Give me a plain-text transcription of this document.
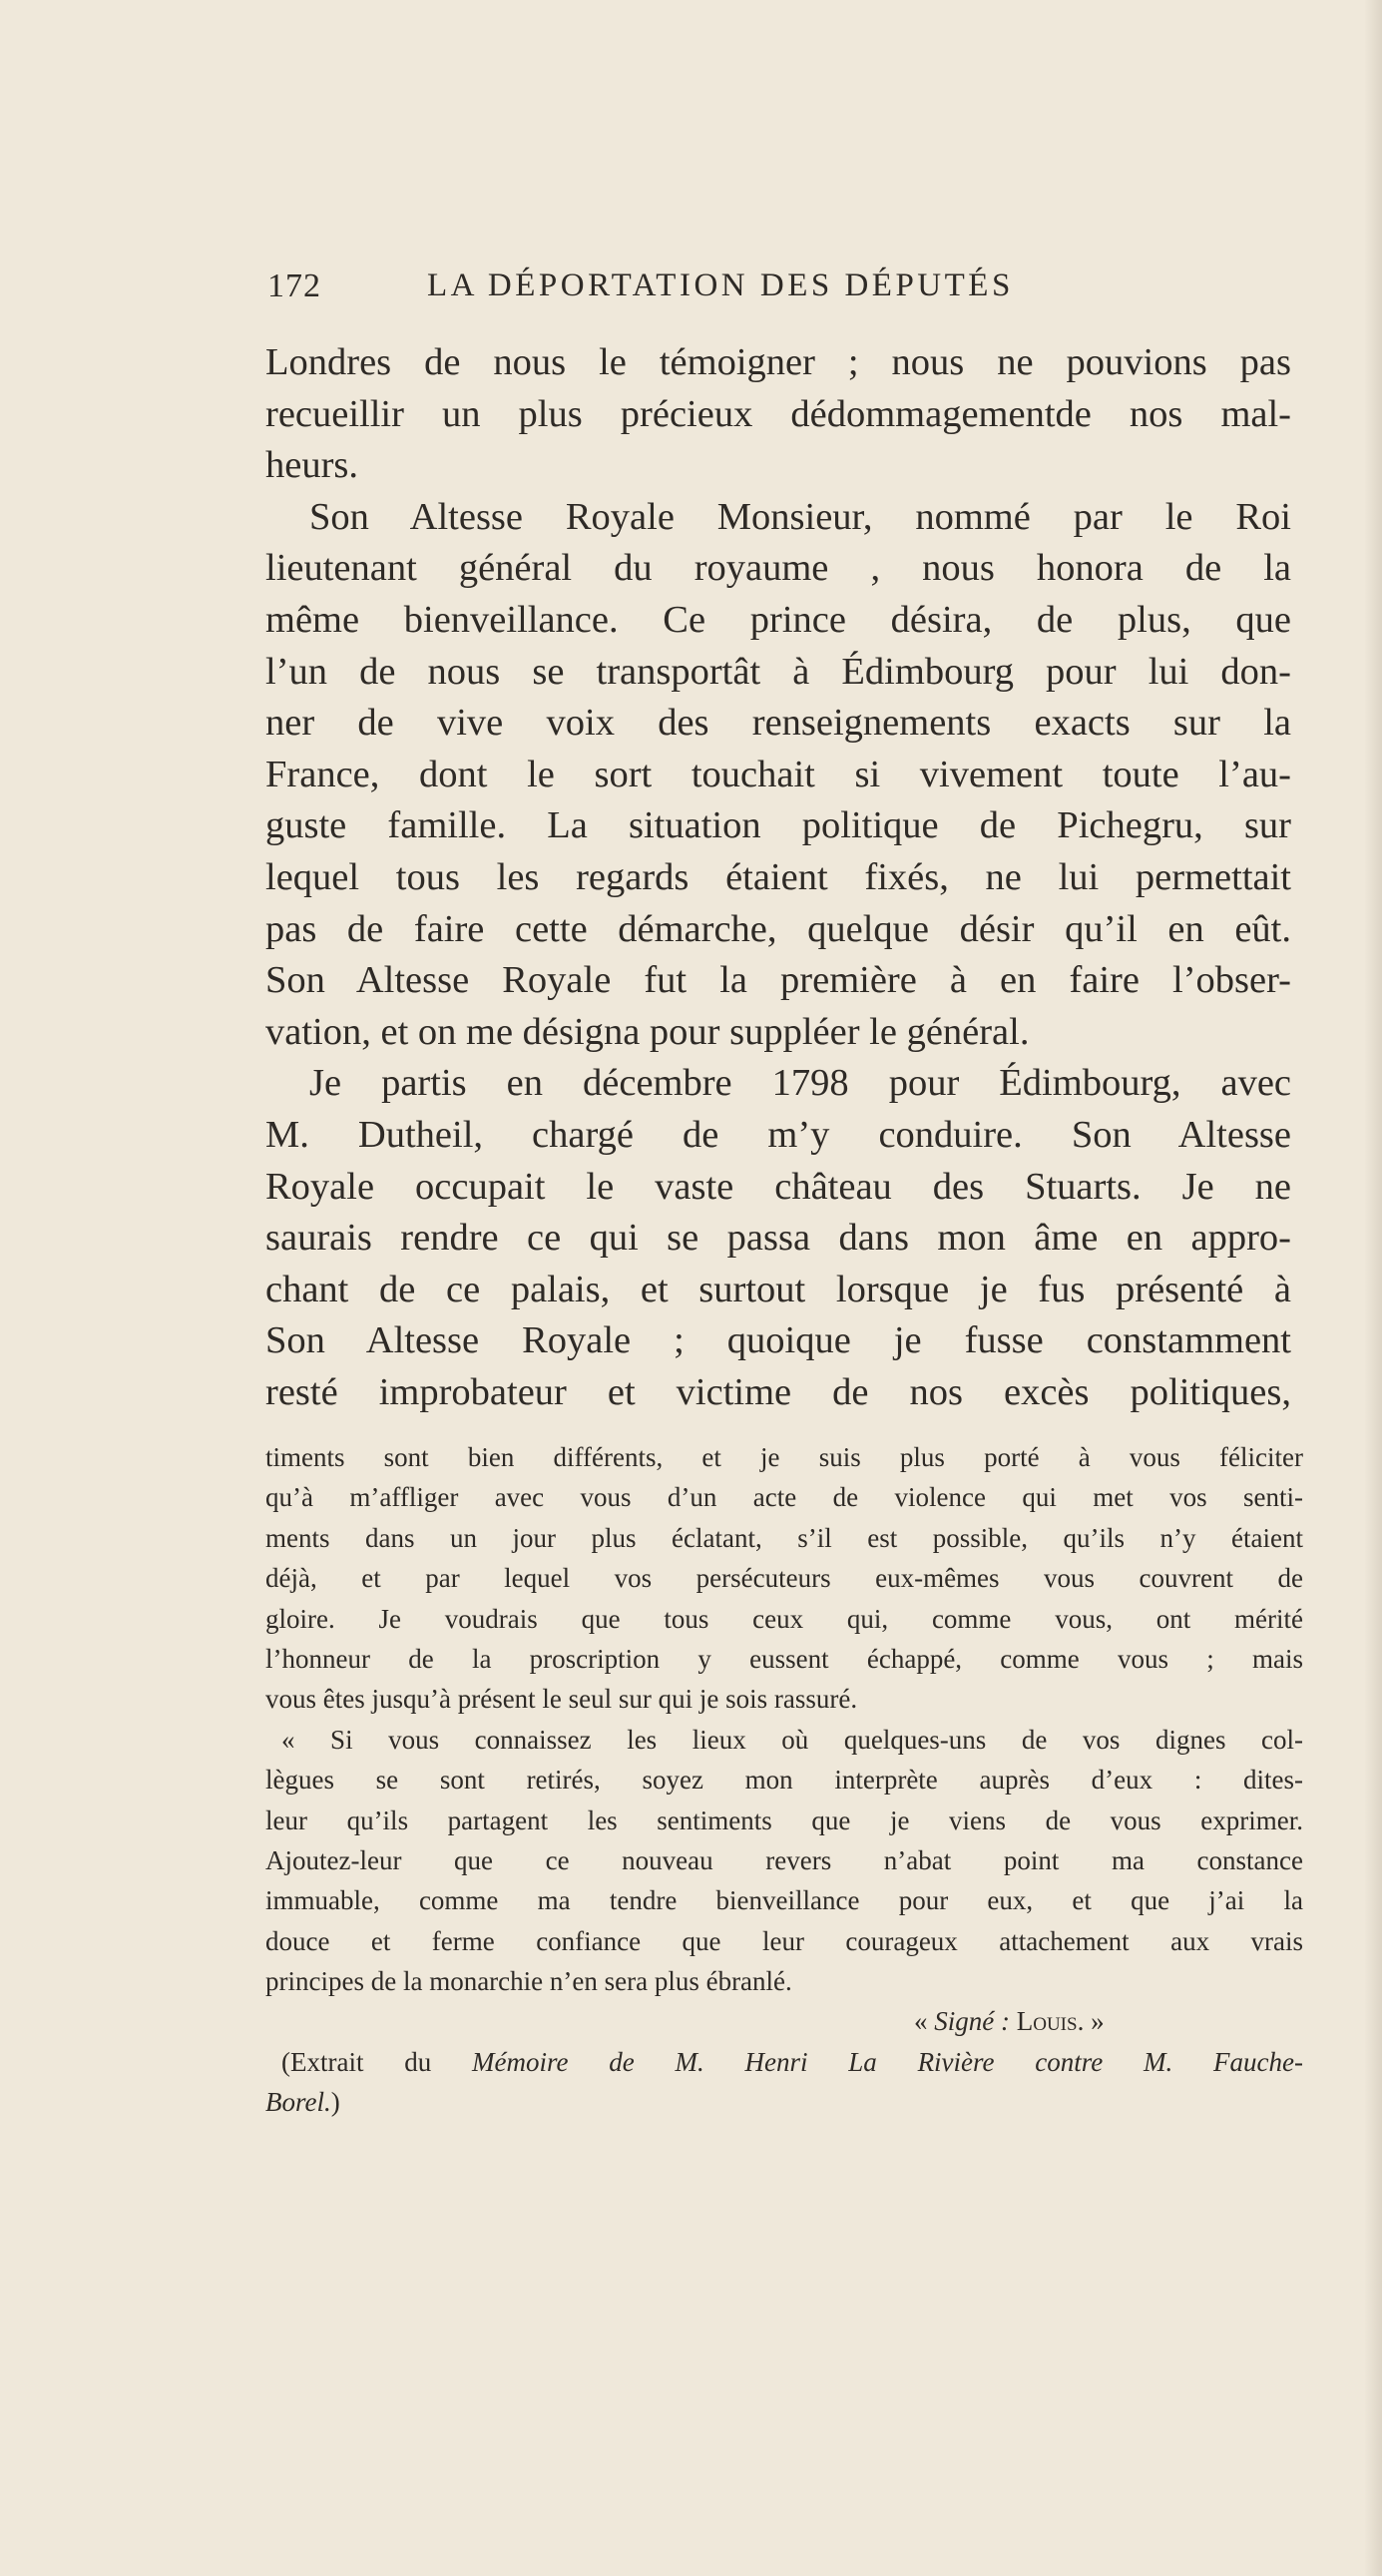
172	LA DÉPORTATION DES DÉPUTÉS
Londres de nous le témoigner ; nous ne pouvions pas
recueillir un plus précieux dédommagementde nos mal-
heurs.
Son Altesse Royale Monsieur, nommé par le Roi
lieutenant général du royaume , nous honora de la
même bienveillance. Ce prince désira, de plus, que
l’un de nous se transportât à Édimbourg pour lui don-
ner de vive voix des renseignements exacts sur la
France, dont le sort touchait si vivement toute l’au-
guste famille. La situation politique de Pichegru, sur
lequel tous les regards étaient fixés, ne lui permettait
pas de faire cette démarche, quelque désir qu’il en eût.
Son Altesse Royale fut la première à en faire l’obser-
vation, et on me désigna pour suppléer le général.
Je partis en décembre 1798 pour Édimbourg, avec
M. Dutheil, chargé de m’y conduire. Son Altesse
Royale occupait le vaste château des Stuarts. Je ne
saurais rendre ce qui se passa dans mon âme en appro-
chant de ce palais, et surtout lorsque je fus présenté à
Son Altesse Royale ; quoique je fusse constamment
resté improbateur et victime de nos excès politiques,
timents sont bien différents, et je suis plus porté à vous féliciter
qu’à m’affliger avec vous d’un acte de violence qui met vos senti-
ments dans un jour plus éclatant, s’il est possible, qu’ils n’y étaient
déjà, et par lequel vos persécuteurs eux-mêmes vous couvrent de
gloire. Je voudrais que tous ceux qui, comme vous, ont mérité
l’honneur de la proscription y eussent échappé, comme vous ; mais
vous êtes jusqu’à présent le seul sur qui je sois rassuré.
« Si vous connaissez les lieux où quelques-uns de vos dignes col-
lègues se sont retirés, soyez mon interprète auprès d’eux : dites-
leur qu’ils partagent les sentiments que je viens de vous exprimer.
Ajoutez-leur que ce nouveau revers n’abat point ma constance
immuable, comme ma tendre bienveillance pour eux, et que j’ai la
douce et ferme confiance que leur courageux attachement aux vrais
principes de la monarchie n’en sera plus ébranlé.
« Signé : Louis. »
(Extrait du Mémoire de M. Henri La Rivière contre M. Fauche-
Borel.)
